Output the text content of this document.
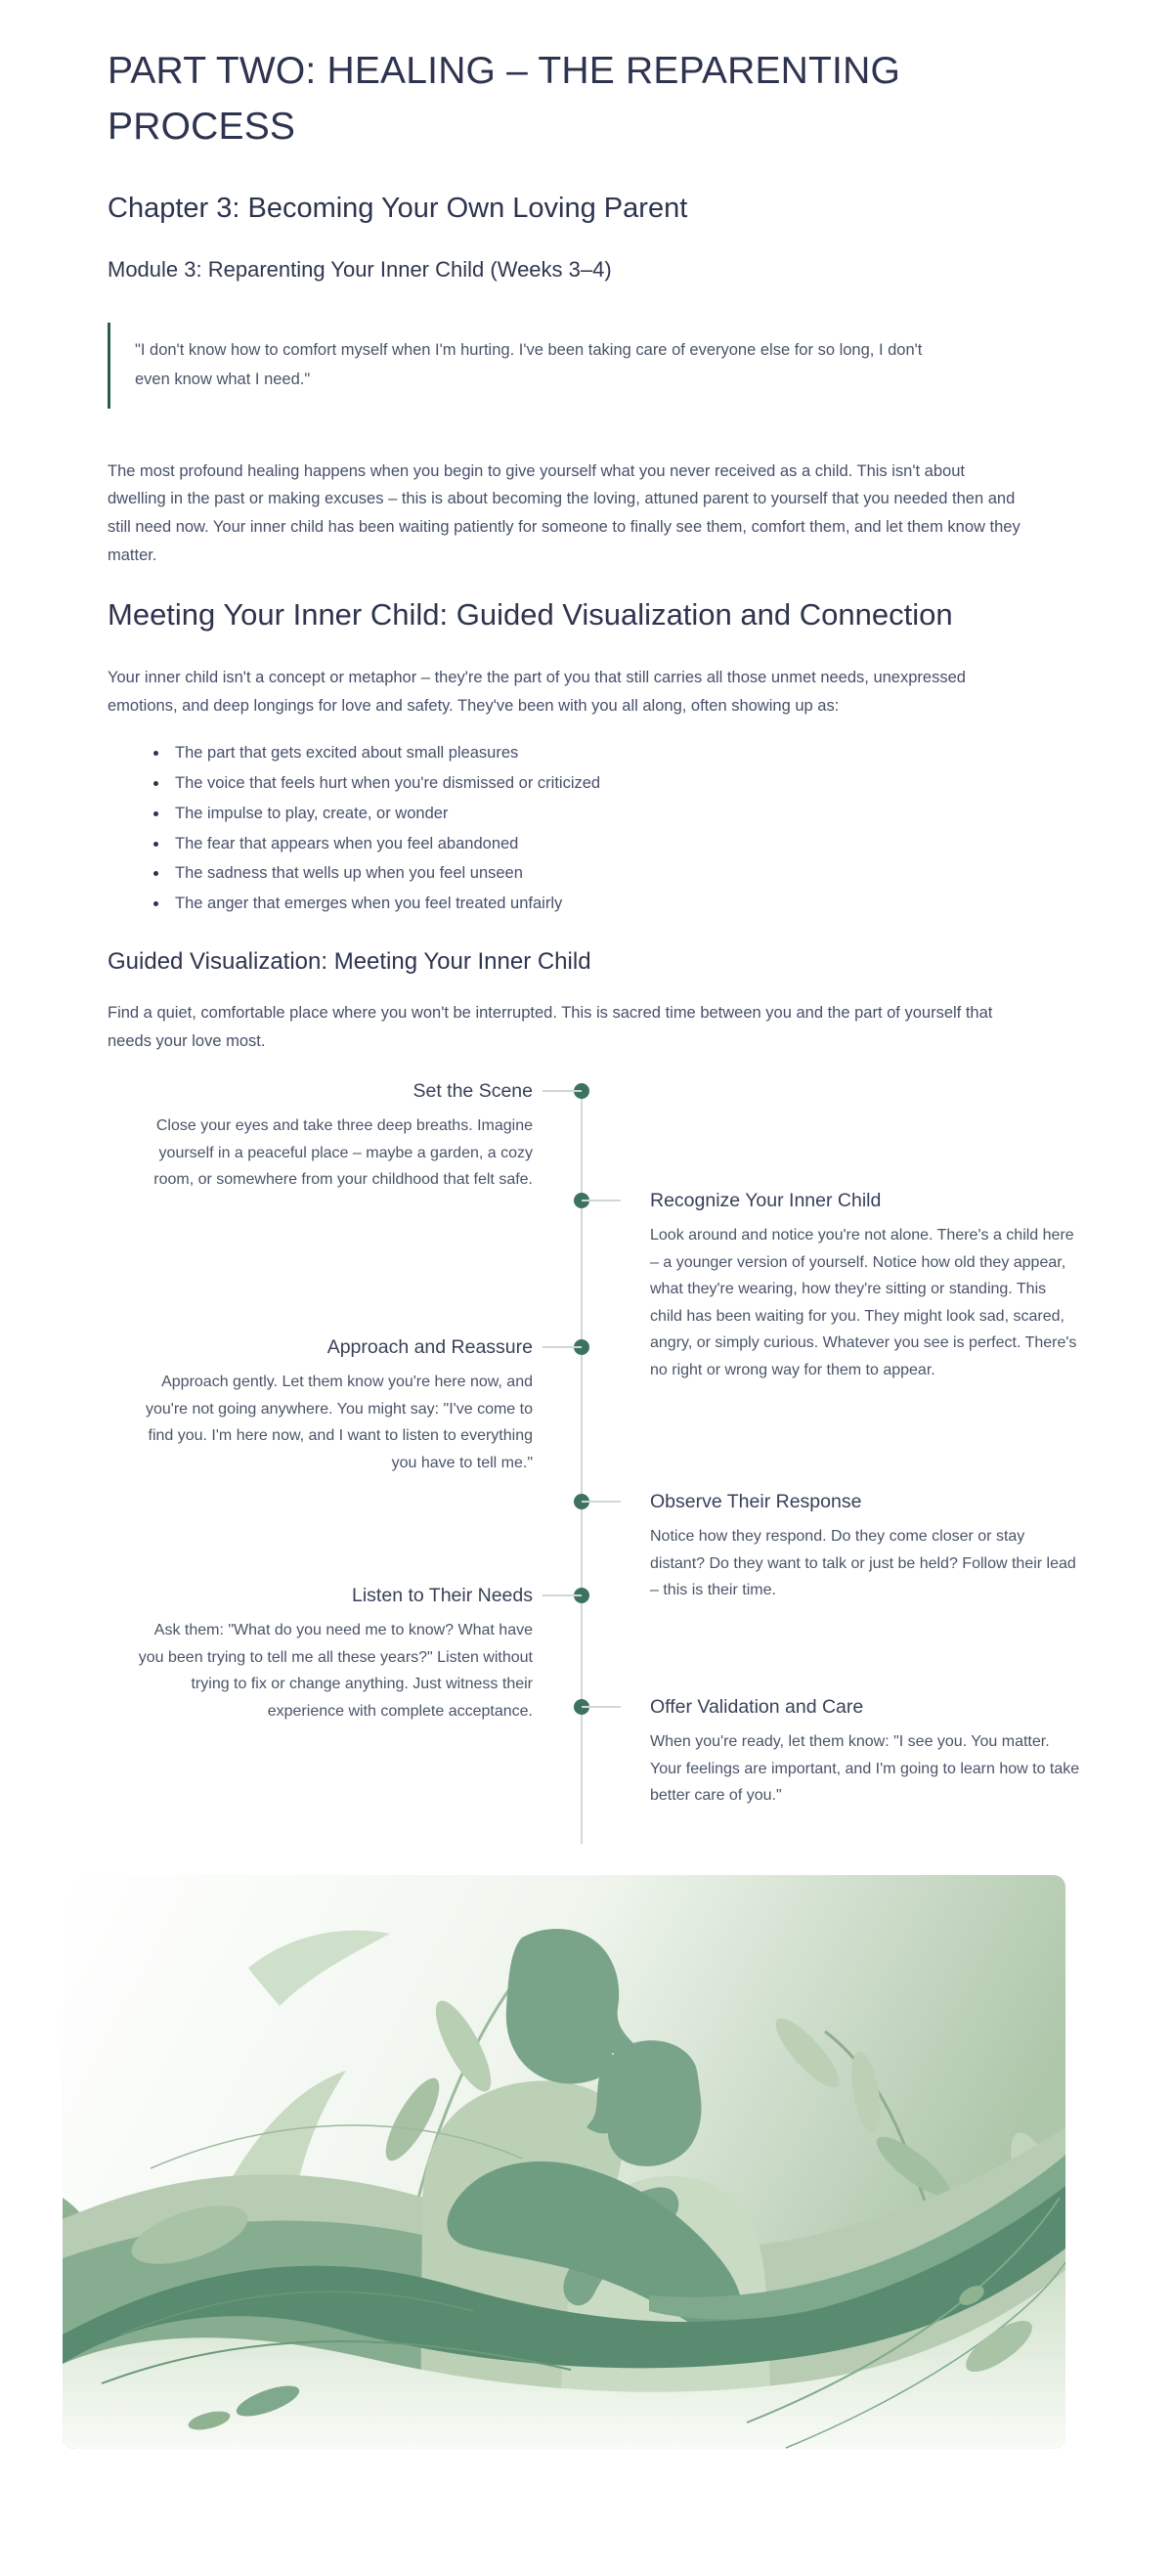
PART TWO: HEALING – THE REPARENTING PROCESS
Chapter 3: Becoming Your Own Loving Parent
Module 3: Reparenting Your Inner Child (Weeks 3–4)
"I don't know how to comfort myself when I'm hurting. I've been taking care of everyone else for so long, I don't even know what I need."

The most profound healing happens when you begin to give yourself what you never received as a child. This isn't about dwelling in the past or making excuses – this is about becoming the loving, attuned parent to yourself that you needed then and still need now. Your inner child has been waiting patiently for someone to finally see them, comfort them, and let them know they matter.

Meeting Your Inner Child: Guided Visualization and Connection

Your inner child isn't a concept or metaphor – they're the part of you that still carries all those unmet needs, unexpressed emotions, and deep longings for love and safety. They've been with you all along, often showing up as:

• The part that gets excited about small pleasures
• The voice that feels hurt when you're dismissed or criticized
• The impulse to play, create, or wonder
• The fear that appears when you feel abandoned
• The sadness that wells up when you feel unseen
• The anger that emerges when you feel treated unfairly
Guided Visualization: Meeting Your Inner Child

Find a quiet, comfortable place where you won't be interrupted. This is sacred time between you and the part of yourself that needs your love most.

Set the Scene

Close your eyes and take three deep breaths. Imagine yourself in a peaceful place – maybe a garden, a cozy room, or somewhere from your childhood that felt safe.

Recognize Your Inner Child

Look around and notice you're not alone. There's a child here – a younger version of yourself. Notice how old they appear, what they're wearing, how they're sitting or standing. This child has been waiting for you. They might look sad, scared, angry, or simply curious. Whatever you see is perfect. There's no right or wrong way for them to appear.

Approach and Reassure

Approach gently. Let them know you're here now, and you're not going anywhere. You might say: "I've come to find you. I'm here now, and I want to listen to everything you have to tell me."

Observe Their Response

Notice how they respond. Do they come closer or stay distant? Do they want to talk or just be held? Follow their lead – this is their time.

Listen to Their Needs

Ask them: "What do you need me to know? What have you been trying to tell me all these years?" Listen without trying to fix or change anything. Just witness their experience with complete acceptance.	Offer Validation and Care

When you're ready, let them know: "I see you. You matter. Your feelings are important, and I'm going to learn how to take better care of you."
